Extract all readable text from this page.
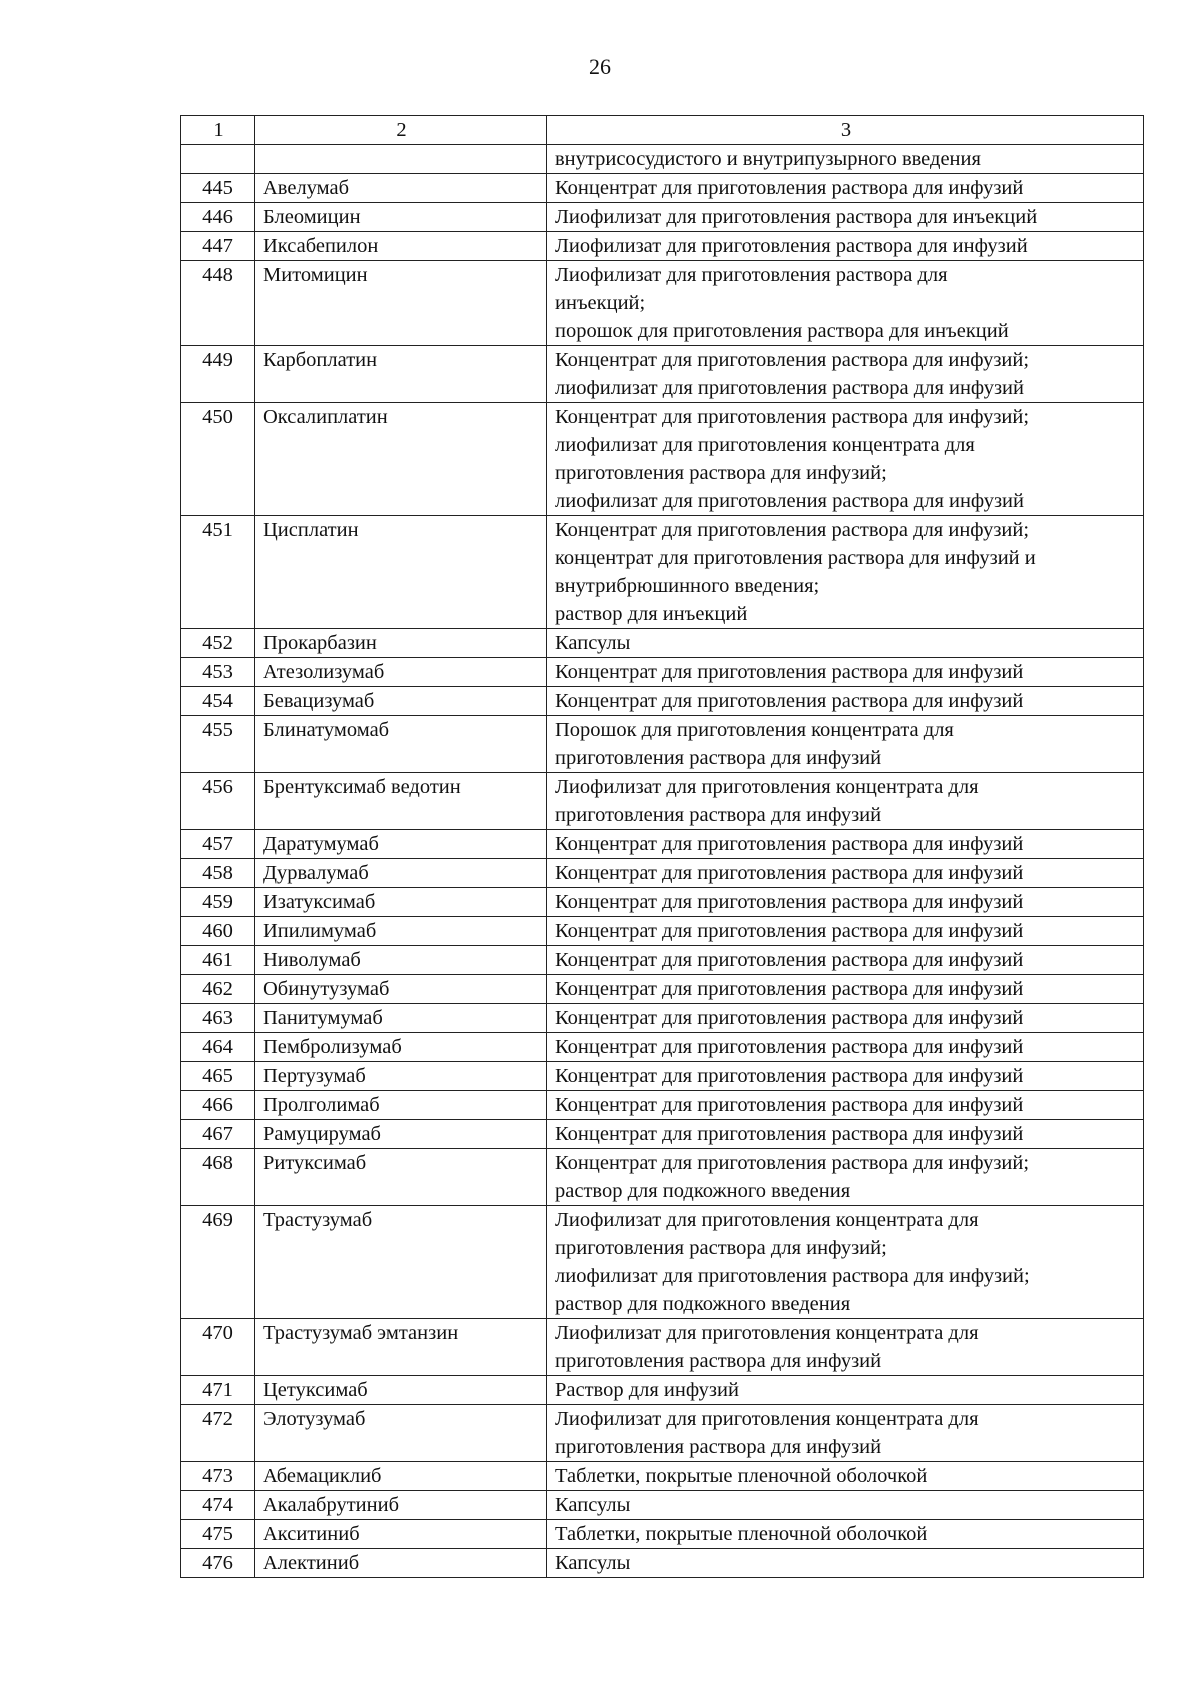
26
1	2	3
		внутрисосудистого и внутрипузырного введения
445	Авелумаб	Концентрат для приготовления раствора для инфузий
446	Блеомицин	Лиофилизат для приготовления раствора для инъекций
447	Иксабепилон	Лиофилизат для приготовления раствора для инфузий
448	Митомицин	Лиофилизат для приготовления раствора для
инъекций;
порошок для приготовления раствора для инъекций
449	Карбоплатин	Концентрат для приготовления раствора для инфузий;
лиофилизат для приготовления раствора для инфузий
450	Оксалиплатин	Концентрат для приготовления раствора для инфузий;
лиофилизат для приготовления концентрата для
приготовления раствора для инфузий;
лиофилизат для приготовления раствора для инфузий
451	Цисплатин	Концентрат для приготовления раствора для инфузий;
концентрат для приготовления раствора для инфузий и
внутрибрюшинного введения;
раствор для инъекций
452	Прокарбазин	Капсулы
453	Атезолизумаб	Концентрат для приготовления раствора для инфузий
454	Бевацизумаб	Концентрат для приготовления раствора для инфузий
455	Блинатумомаб	Порошок для приготовления концентрата для
приготовления раствора для инфузий
456	Брентуксимаб ведотин	Лиофилизат для приготовления концентрата для
приготовления раствора для инфузий
457	Даратумумаб	Концентрат для приготовления раствора для инфузий
458	Дурвалумаб	Концентрат для приготовления раствора для инфузий
459	Изатуксимаб	Концентрат для приготовления раствора для инфузий
460	Ипилимумаб	Концентрат для приготовления раствора для инфузий
461	Ниволумаб	Концентрат для приготовления раствора для инфузий
462	Обинутузумаб	Концентрат для приготовления раствора для инфузий
463	Панитумумаб	Концентрат для приготовления раствора для инфузий
464	Пембролизумаб	Концентрат для приготовления раствора для инфузий
465	Пертузумаб	Концентрат для приготовления раствора для инфузий
466	Пролголимаб	Концентрат для приготовления раствора для инфузий
467	Рамуцирумаб	Концентрат для приготовления раствора для инфузий
468	Ритуксимаб	Концентрат для приготовления раствора для инфузий;
раствор для подкожного введения
469	Трастузумаб	Лиофилизат для приготовления концентрата для
приготовления раствора для инфузий;
лиофилизат для приготовления раствора для инфузий;
раствор для подкожного введения
470	Трастузумаб эмтанзин	Лиофилизат для приготовления концентрата для
приготовления раствора для инфузий
471	Цетуксимаб	Раствор для инфузий
472	Элотузумаб	Лиофилизат для приготовления концентрата для
приготовления раствора для инфузий
473	Абемациклиб	Таблетки, покрытые пленочной оболочкой
474	Акалабрутиниб	Капсулы
475	Акситиниб	Таблетки, покрытые пленочной оболочкой
476	Алектиниб	Капсулы
